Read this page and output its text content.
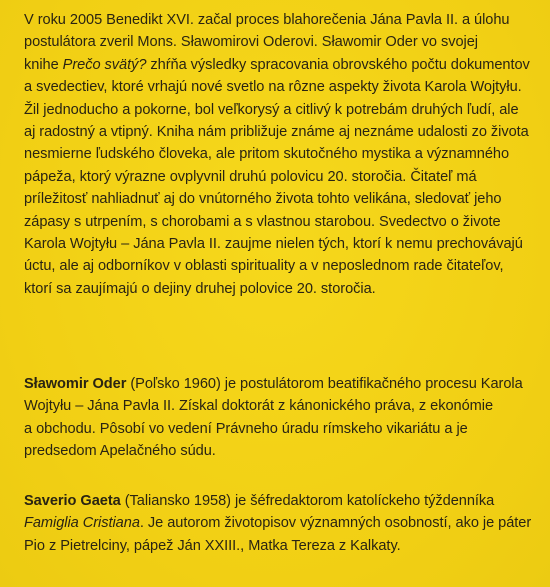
V roku 2005 Benedikt XVI. začal proces blahorečenia Jána Pavla II. a úlohu
postulátora zveril Mons. Sławomirovi Oderovi. Sławomir Oder vo svojej
knihe Prečo svätý? zhŕňa výsledky spracovania obrovského počtu dokumentov
a svedectiev, ktoré vrhajú nové svetlo na rôzne aspekty života Karola Wojtyłu.
Žil jednoducho a pokorne, bol veľkorysý a citlivý k potrebám druhých ľudí, ale
aj radostný a vtipný. Kniha nám približuje známe aj neznáme udalosti zo života
nesmierne ľudského človeka, ale pritom skutočného mystika a významného
pápeža, ktorý výrazne ovplyvnil druhú polovicu 20. storočia. Čitateľ má
príležitosť nahliadnuť aj do vnútorného života tohto velikána, sledovať jeho
zápasy s utrpením, s chorobami a s vlastnou starobou. Svedectvo o živote
Karola Wojtyłu – Jána Pavla II. zaujme nielen tých, ktorí k nemu prechovávajú
úctu, ale aj odborníkov v oblasti spirituality a v neposlednom rade čitateľov,
ktorí sa zaujímajú o dejiny druhej polovice 20. storočia.
Sławomir Oder (Poľsko 1960) je postulátorom beatifikačného procesu Karola
Wojtyłu – Jána Pavla II. Získal doktorát z kánonického práva, z ekonómie
a obchodu. Pôsobí vo vedení Právneho úradu rímskeho vikariátu a je
predsedom Apelačného súdu.
Saverio Gaeta (Taliansko 1958) je šéfredaktorom katolíckeho týždenníka
Famiglia Cristiana. Je autorom životopisov významných osobností, ako je páter
Pio z Pietrelciny, pápež Ján XXIII., Matka Tereza z Kalkaty.
